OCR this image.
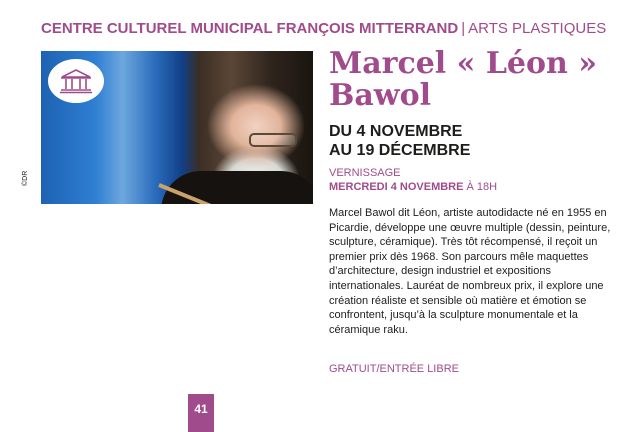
CENTRE CULTUREL MUNICIPAL FRANÇOIS MITTERRAND | ARTS PLASTIQUES
©DR
Marcel « Léon »
Bawol
DU 4 NOVEMBRE
AU 19 DÉCEMBRE
VERNISSAGE
MERCREDI 4 NOVEMBRE À 18H

Marcel Bawol dit Léon, artiste autodidacte né en 1955 en Picardie, développe une œuvre multiple (dessin, peinture, sculpture, céramique). Très tôt récompensé, il reçoit un premier prix dès 1968. Son parcours mêle maquettes d’architecture, design industriel et expositions internationales. Lauréat de nombreux prix, il explore une création réaliste et sensible où matière et émotion se confrontent, jusqu’à la sculpture monumentale et la céramique raku.

GRATUIT/ENTRÉE LIBRE
41
